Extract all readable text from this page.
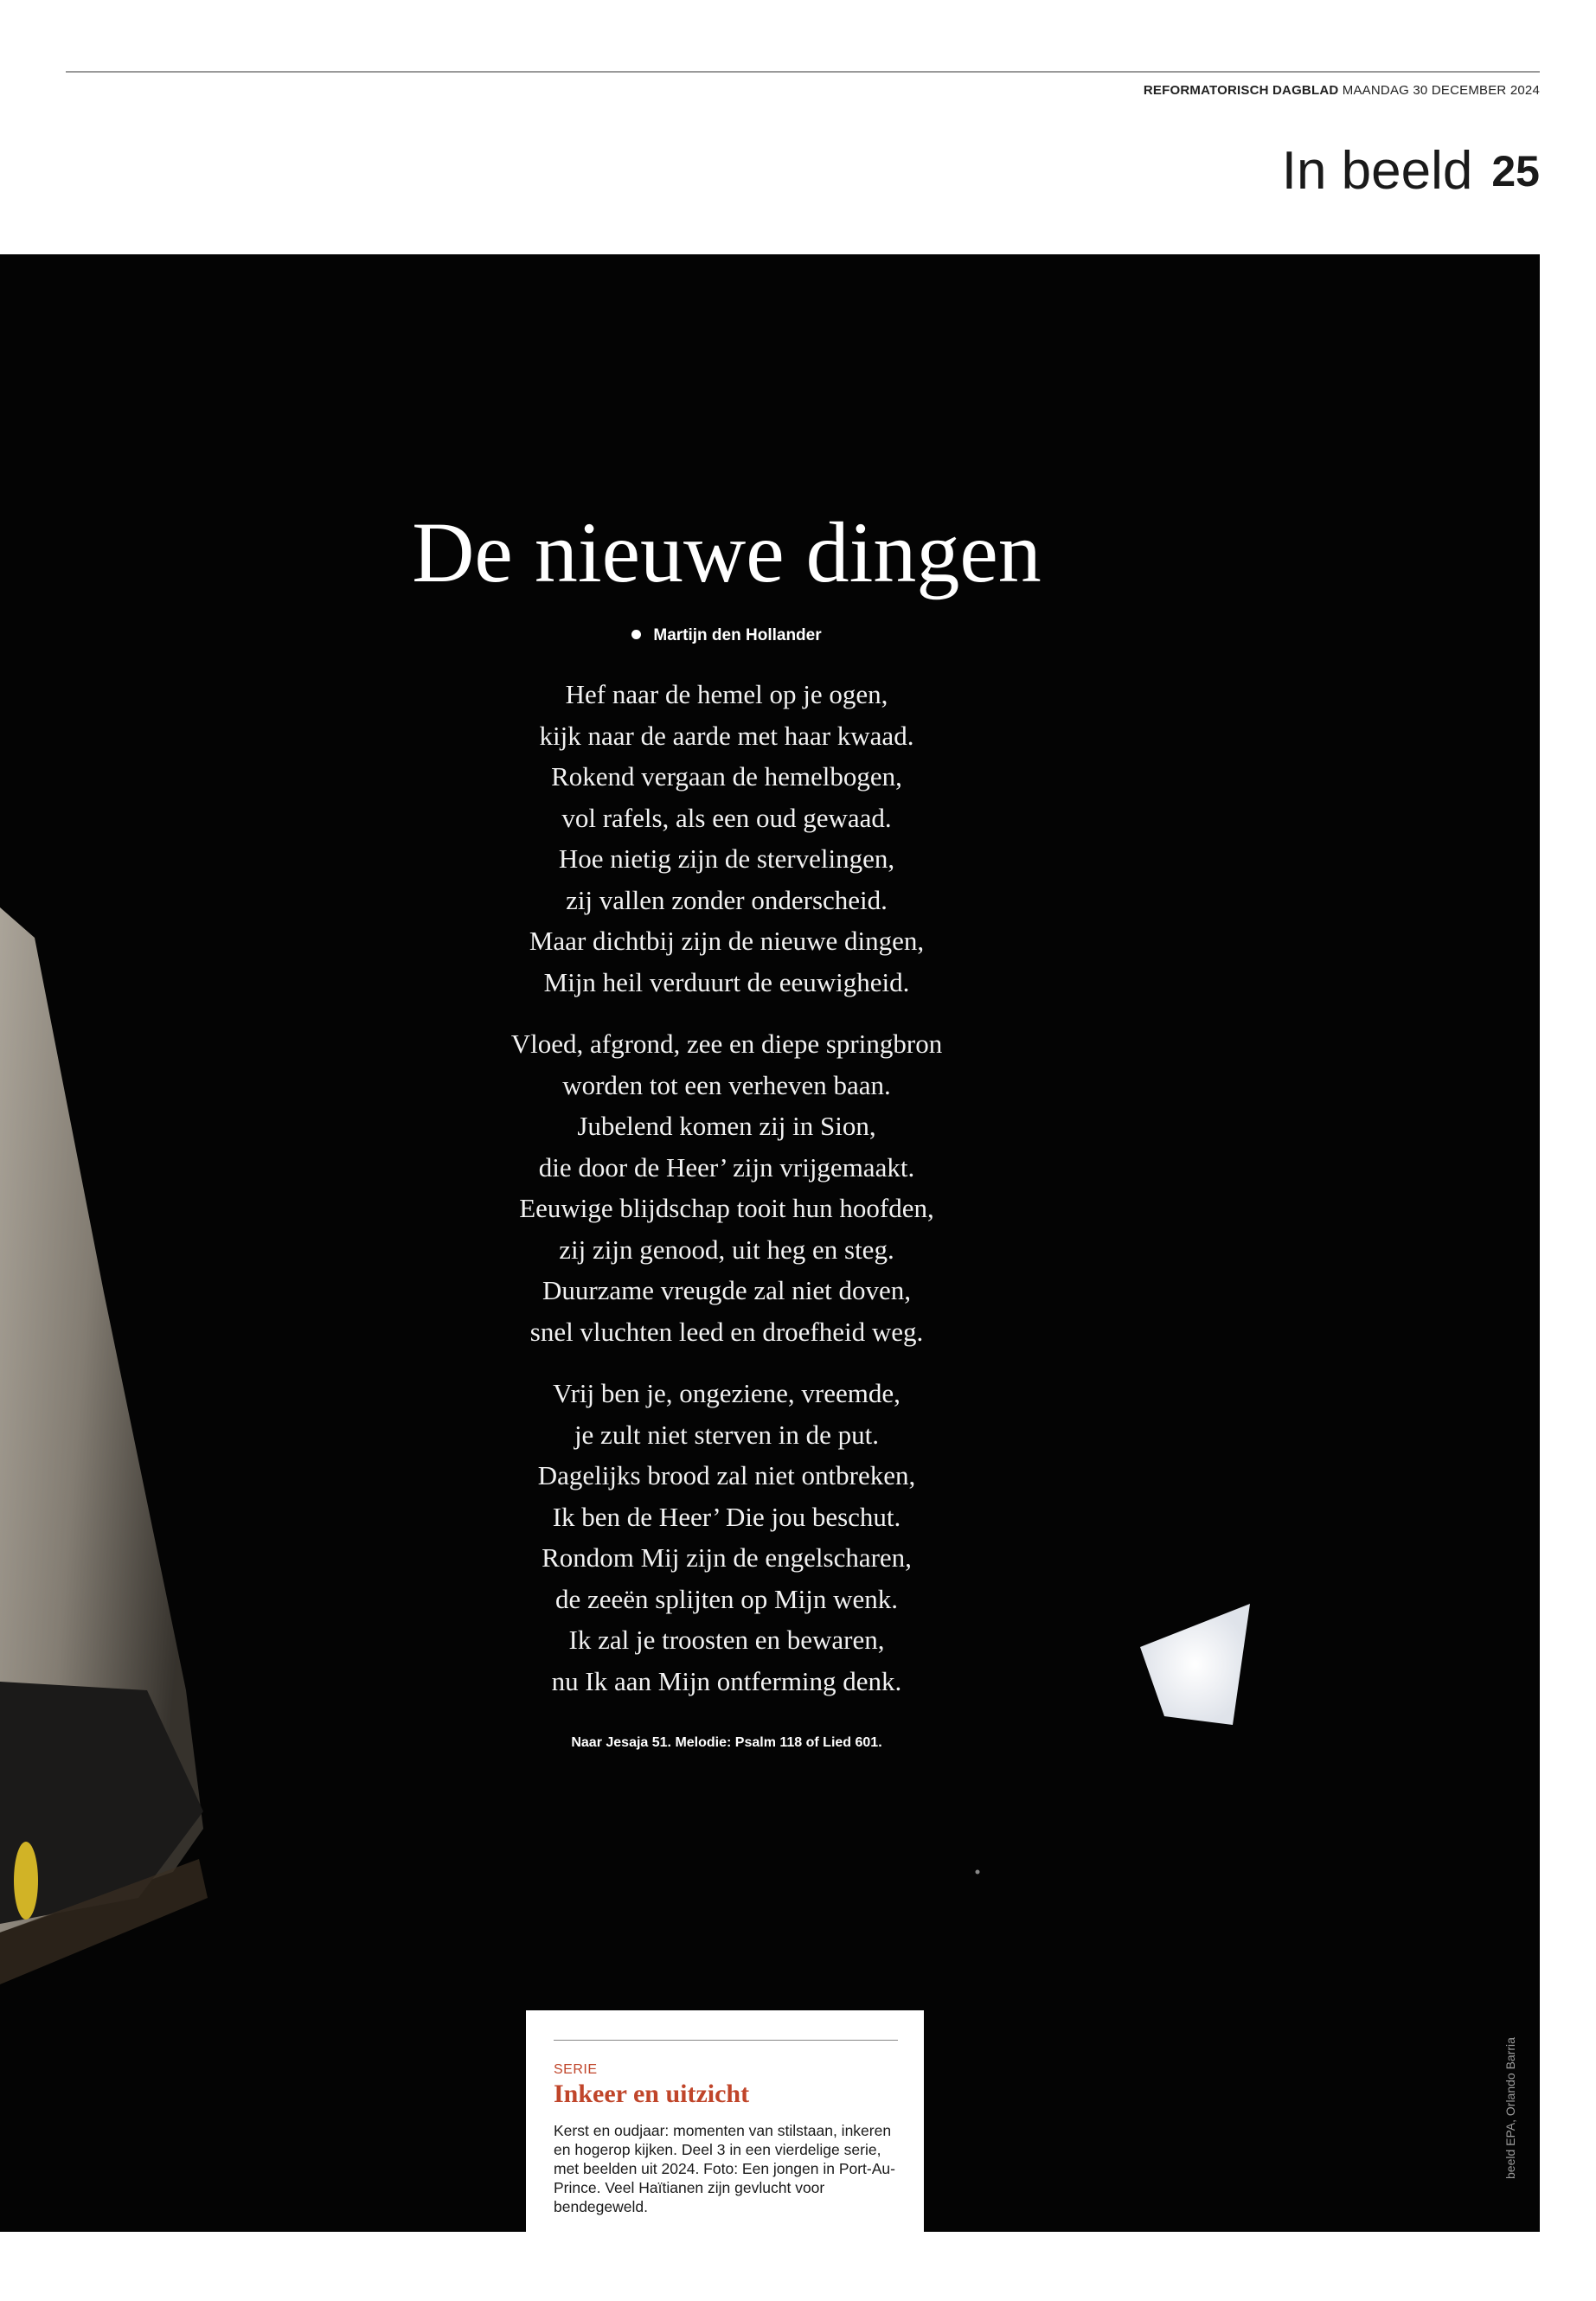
REFORMATORISCH DAGBLAD MAANDAG 30 DECEMBER 2024
In beeld 25
De nieuwe dingen
Martijn den Hollander
Hef naar de hemel op je ogen,
kijk naar de aarde met haar kwaad.
Rokend vergaan de hemelbogen,
vol rafels, als een oud gewaad.
Hoe nietig zijn de stervelingen,
zij vallen zonder onderscheid.
Maar dichtbij zijn de nieuwe dingen,
Mijn heil verduurt de eeuwigheid.
Vloed, afgrond, zee en diepe springbron
worden tot een verheven baan.
Jubelend komen zij in Sion,
die door de Heer’ zijn vrijgemaakt.
Eeuwige blijdschap tooit hun hoofden,
zij zijn genood, uit heg en steg.
Duurzame vreugde zal niet doven,
snel vluchten leed en droefheid weg.
Vrij ben je, ongeziene, vreemde,
je zult niet sterven in de put.
Dagelijks brood zal niet ontbreken,
Ik ben de Heer’ Die jou beschut.
Rondom Mij zijn de engelscharen,
de zeeën splijten op Mijn wenk.
Ik zal je troosten en bewaren,
nu Ik aan Mijn ontferming denk.
Naar Jesaja 51. Melodie: Psalm 118 of Lied 601.
beeld EPA, Orlando Barria
SERIE
Inkeer en uitzicht
Kerst en oudjaar: momenten van stilstaan, inkeren en hogerop kijken. Deel 3 in een vierdelige serie, met beelden uit 2024. Foto: Een jongen in Port-Au-Prince. Veel Haïtianen zijn gevlucht voor bendegeweld.
